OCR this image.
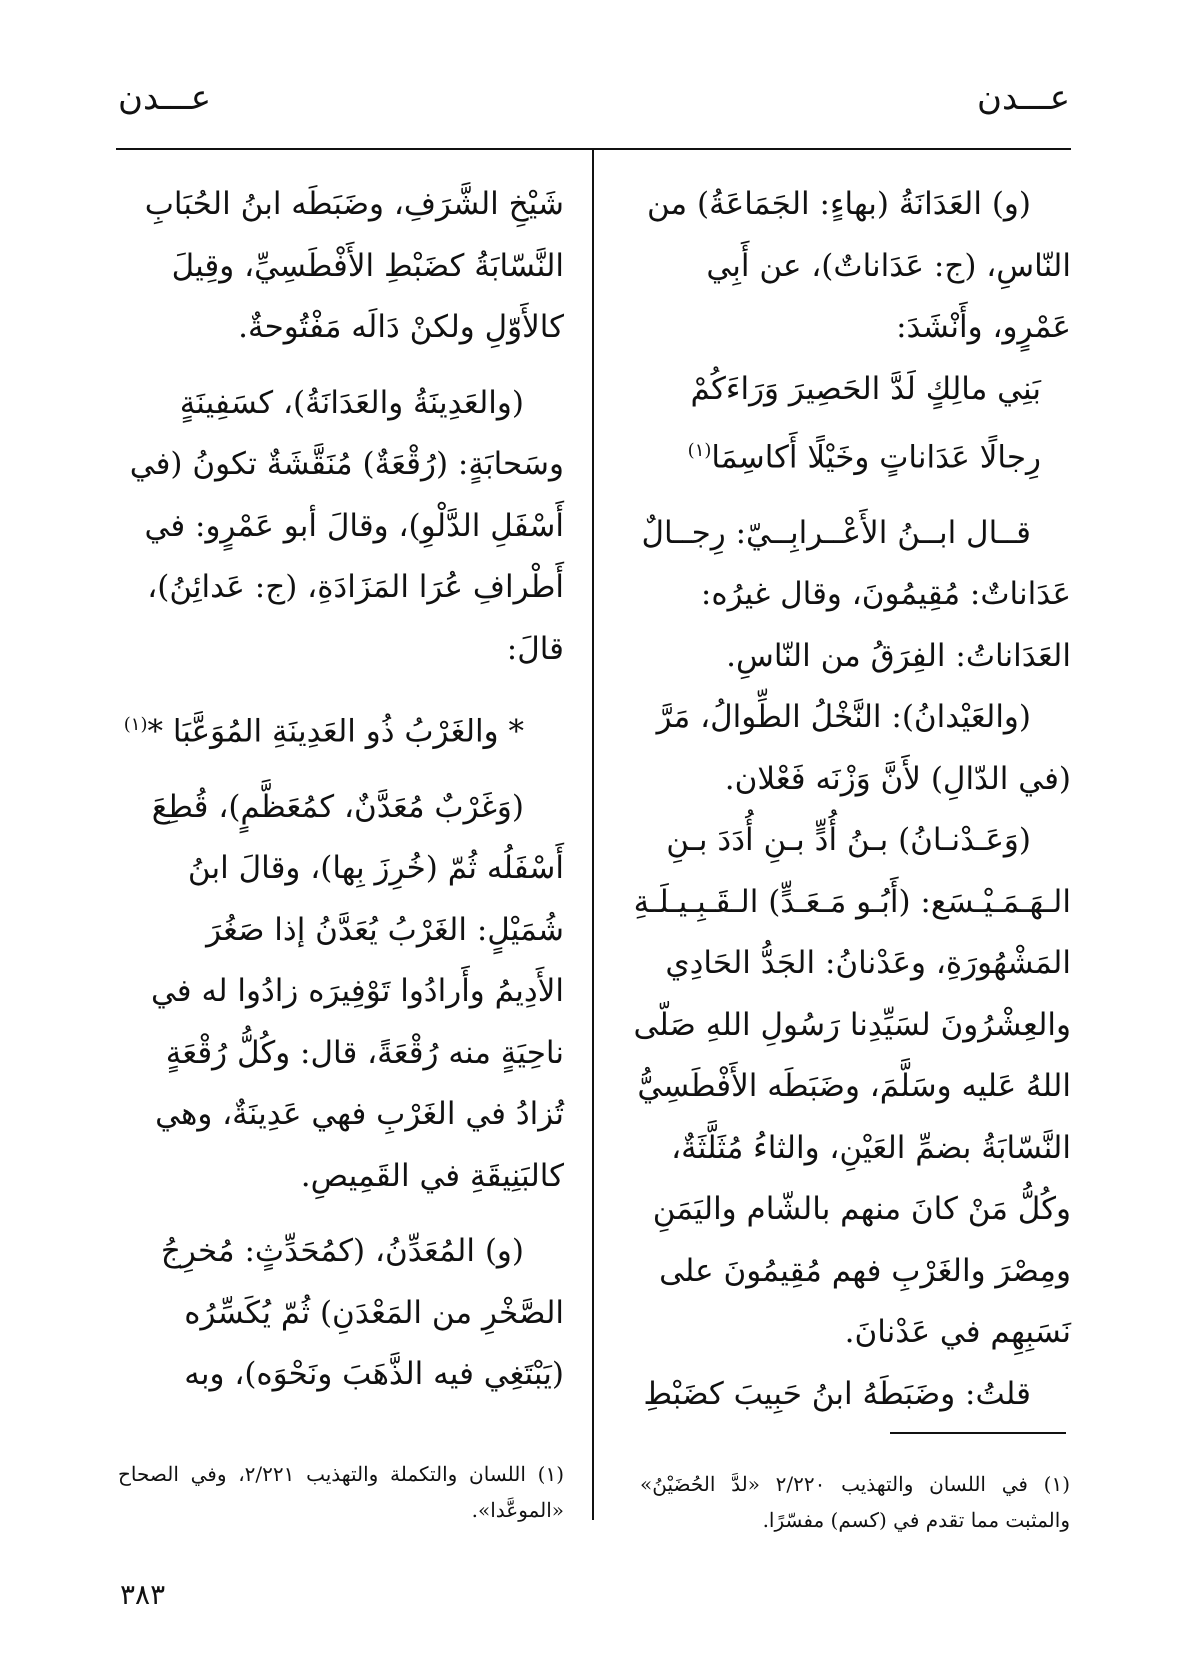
عـــدن
عـــدن

(و) العَدَانَةُ (بهاءٍ: الجَمَاعَةُ) من

النّاسِ، (ج: عَدَاناتٌ)، عن أَبِي

عَمْرٍو، وأَنْشَدَ:

بَنِي مالِكٍ لَدَّ الحَصِيرَ وَرَاءَكُمْ

رِجالًا عَدَاناتٍ وخَيْلًا أَكاسِمَا$^{(١)}$

قــال ابــنُ الأَعْــرابِــيّ: رِجــالٌ

عَدَاناتٌ: مُقِيمُونَ، وقال غيرُه:

العَدَاناتُ: الفِرَقُ من النّاسِ.

(والعَيْدانُ): النَّخْلُ الطِّوالُ، مَرَّ

(في الدّالِ) لأَنَّ وَزْنَه فَعْلان.

(وَعَـدْنـانُ) بـنُ أُدٍّ بـنِ أُدَدَ بـنِ

الـهَـمَـيْـسَع: (أَبُـو مَـعَـدٍّ) الـقَـبِـيـلَـةِ

المَشْهُورَةِ، وعَدْنانُ: الجَدُّ الحَادِي

والعِشْرُونَ لسَيِّدِنا رَسُولِ اللهِ صَلّى

اللهُ عَليه وسَلَّمَ، وضَبَطَه الأَفْطَسِيُّ

النَّسّابَةُ بضمِّ العَيْنِ، والثاءُ مُثَلَّثَةٌ،

وكُلُّ مَنْ كانَ منهم بالشّام واليَمَنِ

ومِصْرَ والغَرْبِ فهم مُقِيمُونَ على

نَسَبِهِم في عَدْنانَ.

قلتُ: وضَبَطَهُ ابنُ حَبِيبَ كضَبْطِ

شَيْخِ الشَّرَفِ، وضَبَطَه ابنُ الحُبَابِ

النَّسّابَةُ كضَبْطِ الأَفْطَسِيِّ، وقِيلَ

كالأَوّلِ ولكنْ دَالَه مَفْتُوحةٌ.

(والعَدِينَةُ والعَدَانَةُ)، كسَفِينَةٍ

وسَحابَةٍ: (رُقْعَةٌ) مُنَقَّشَةٌ تكونُ (في

أَسْفَلِ الدَّلْوِ)، وقالَ أبو عَمْرٍو: في

أَطْرافِ عُرَا المَزَادَةِ، (ج: عَدائِنُ)،

قالَ:

* والغَرْبُ ذُو العَدِينَةِ المُوَعَّبَا *$^{(١)}$

(وَغَرْبٌ مُعَدَّنٌ، كمُعَظَّمٍ)، قُطِعَ

أَسْفَلُه ثُمّ (خُرِزَ بِها)، وقالَ ابنُ

شُمَيْلٍ: الغَرْبُ يُعَدَّنُ إذا صَغُرَ

الأَدِيمُ وأَرادُوا تَوْفِيرَه زادُوا له في

ناحِيَةٍ منه رُقْعَةً، قال: وكُلُّ رُقْعَةٍ

تُزادُ في الغَرْبِ فهي عَدِينَةٌ، وهي

كالبَنِيقَةِ في القَمِيصِ.

(و) المُعَدِّنُ، (كمُحَدِّثٍ: مُخرِجُ

الصَّخْرِ من المَعْدَنِ) ثُمّ يُكَسِّرُه

(يَبْتَغِي فيه الذَّهَبَ ونَحْوَه)، وبه

(١) في اللسان والتهذيب ٢/٢٢٠ «لدَّ الحُضَيْنُ» والمثبت مما تقدم في (كسم) مفسّرًا.
(١) اللسان والتكملة والتهذيب ٢/٢٢١، وفي الصحاح «الموعَّدا».
٣٨٣
